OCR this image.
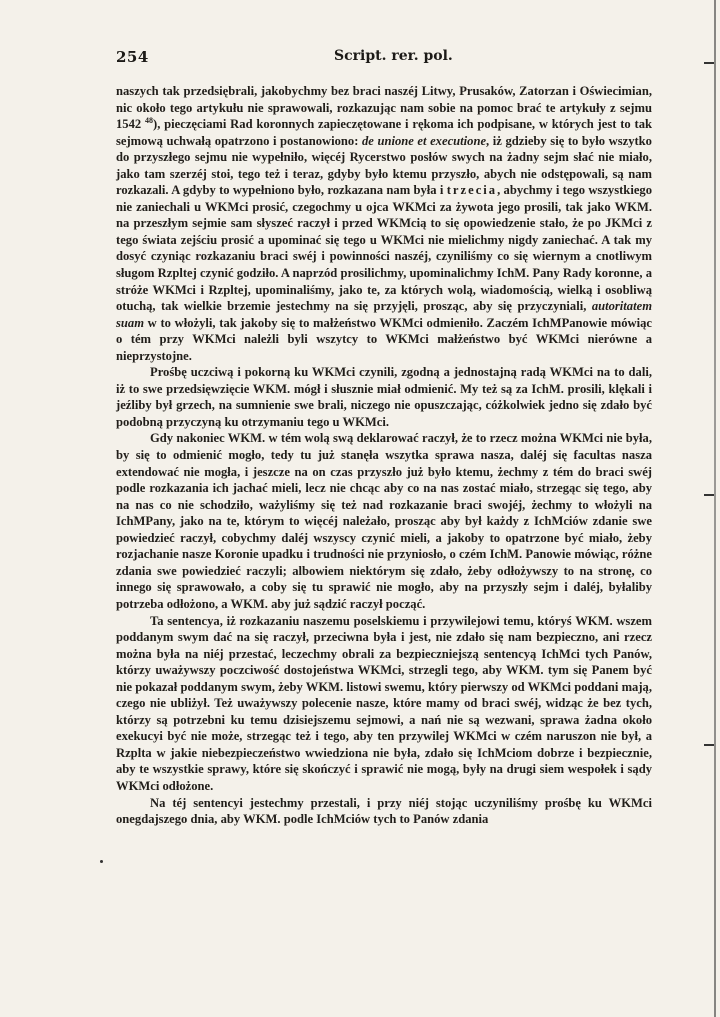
254	Script. rer. pol.

naszych tak przedsiębrali, jakobychmy bez braci naszéj Litwy, Prusaków, Zatorzan i Oświecimian, nic około tego artykułu nie sprawowali, rozkazując nam sobie na pomoc brać te artykuły z sejmu 1542 $^{48}$), pieczęciami Rad koronnych zapieczętowane i rękoma ich podpisane, w których jest to tak sejmową uchwałą opatrzono i postanowiono: de unione et executione, iż gdzieby się to było wszytko do przyszłego sejmu nie wypełniło, więcéj Rycerstwo posłów swych na żadny sejm słać nie miało, jako tam szerzéj stoi, tego też i teraz, gdyby było ktemu przyszło, abych nie odstępowali, są nam rozkazali. A gdyby to wypełniono było, rozkazana nam była i trzecia, abychmy i tego wszystkiego nie zaniechali u WKMci prosić, czegochmy u ojca WKMci za żywota jego prosili, tak jako WKM. na przeszłym sejmie sam słyszeć raczył i przed WKMcią to się opowiedzenie stało, że po JKMci z tego świata zejściu prosić a upominać się tego u WKMci nie mielichmy nigdy zaniechać. A tak my dosyć czyniąc rozkazaniu braci swéj i powinności naszéj, czyniliśmy co się wiernym a cnotliwym sługom Rzpltej czynić godziło. A naprzód prosilichmy, upominalichmy IchM. Pany Rady koronne, a stróże WKMci i Rzpltej, upominaliśmy, jako te, za których wolą, wiadomością, wielką i osobliwą otuchą, tak wielkie brzemie jestechmy na się przyjęli, prosząc, aby się przyczyniali, autoritatem suam w to włożyli, tak jakoby się to małżeństwo WKMci odmieniło. Zaczém IchMPanowie mówiąc o tém przy WKMci należli byli wszytcy to WKMci małżeństwo być WKMci nierówne a nieprzystojne.

Prośbę uczciwą i pokorną ku WKMci czynili, zgodną a jednostajną radą WKMci na to dali, iż to swe przedsięwzięcie WKM. mógł i słusznie miał odmienić. My też są za IchM. prosili, klękali i jeźliby był grzech, na sumnienie swe brali, niczego nie opuszczając, cóżkolwiek jedno się zdało być podobną przyczyną ku otrzymaniu tego u WKMci.

Gdy nakoniec WKM. w tém wolą swą deklarować raczył, że to rzecz można WKMci nie była, by się to odmienić mogło, tedy tu już stanęła wszytka sprawa nasza, daléj się facultas nasza extendować nie mogła, i jeszcze na on czas przyszło już było ktemu, żechmy z tém do braci swéj podle rozkazania ich jachać mieli, lecz nie chcąc aby co na nas zostać miało, strzegąc się tego, aby na nas co nie schodziło, ważyliśmy się też nad rozkazanie braci swojéj, żechmy to włożyli na IchMPany, jako na te, którym to więcéj należało, prosząc aby był każdy z IchMciów zdanie swe powiedzieć raczył, cobychmy daléj wszyscy czynić mieli, a jakoby to opatrzone być miało, żeby rozjachanie nasze Koronie upadku i trudności nie przyniosło, o czém IchM. Panowie mówiąc, różne zdania swe powiedzieć raczyli; albowiem niektórym się zdało, żeby odłożywszy to na stronę, co innego się sprawowało, a coby się tu sprawić nie mogło, aby na przyszły sejm i daléj, byłaliby potrzeba odłożono, a WKM. aby już sądzić raczył począć.

Ta sentencya, iż rozkazaniu naszemu poselskiemu i przywilejowi temu, któryś WKM. wszem poddanym swym dać na się raczył, przeciwna była i jest, nie zdało się nam bezpieczno, ani rzecz można była na niéj przestać, leczechmy obrali za bezpieczniejszą sentencyą IchMci tych Panów, którzy uważywszy poczciwość dostojeństwa WKMci, strzegli tego, aby WKM. tym się Panem być nie pokazał poddanym swym, żeby WKM. listowi swemu, który pierwszy od WKMci poddani mają, czego nie ubliżył. Też uważywszy polecenie nasze, które mamy od braci swéj, widząc że bez tych, którzy są potrzebni ku temu dzisiejszemu sejmowi, a nań nie są wezwani, sprawa żadna około exekucyi być nie może, strzegąc też i tego, aby ten przywilej WKMci w czém naruszon nie był, a Rzplta w jakie niebezpieczeństwo wwiedziona nie była, zdało się IchMciom dobrze i bezpiecznie, aby te wszystkie sprawy, które się skończyć i sprawić nie mogą, były na drugi siem wespołek i sądy WKMci odłożone.

Na téj sentencyi jestechmy przestali, i przy niéj stojąc uczyniliśmy prośbę ku WKMci onegdajszego dnia, aby WKM. podle IchMciów tych to Panów zdania
